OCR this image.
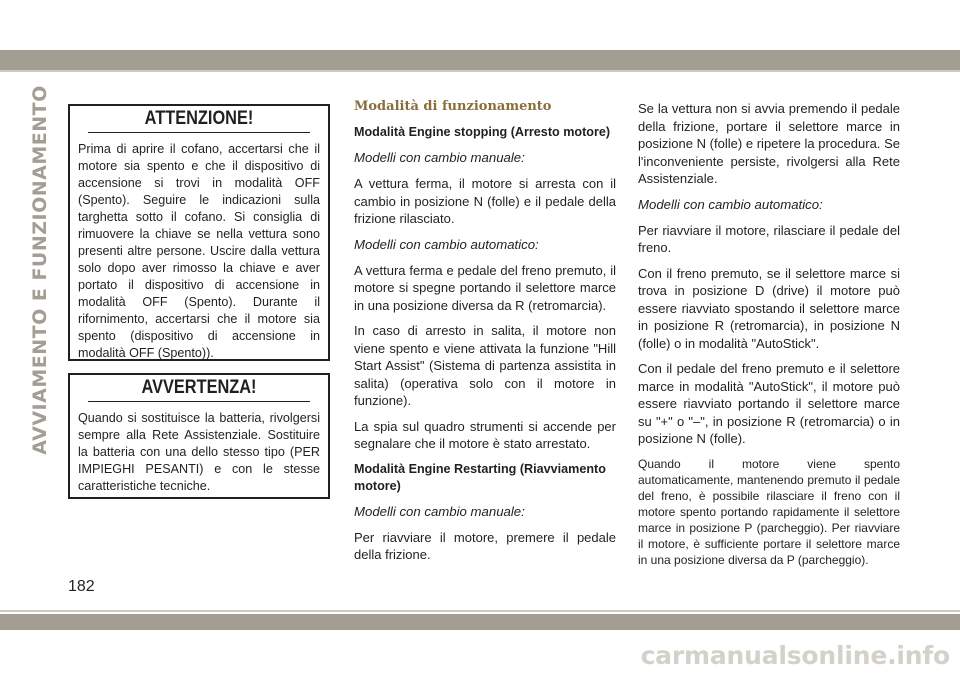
AVVIAMENTO E FUNZIONAMENTO	ATTENZIONE!
Prima di aprire il cofano, accertarsi che il motore sia spento e che il dispositivo di accensione si trovi in modalità OFF (Spento). Seguire le indicazioni sulla targhetta sotto il cofano. Si consiglia di rimuovere la chiave se nella vettura sono presenti altre persone. Uscire dalla vettura solo dopo aver rimosso la chiave e aver portato il dispositivo di accensione in modalità OFF (Spento). Durante il rifornimento, accertarsi che il motore sia spento (dispositivo di accensione in modalità OFF (Spento)).
AVVERTENZA!
Quando si sostituisce la batteria, rivolgersi sempre alla Rete Assistenziale. Sostituire la batteria con una dello stesso tipo (PER IMPIEGHI PESANTI) e con le stesse caratteristiche tecniche.
Modalità di funzionamento
Modalità Engine stopping (Arresto motore)
Modelli con cambio manuale:
A vettura ferma, il motore si arresta con il cambio in posizione N (folle) e il pedale della frizione rilasciato.
Modelli con cambio automatico:
A vettura ferma e pedale del freno premuto, il motore si spegne portando il selettore marce in una posizione diversa da R (retromarcia).
In caso di arresto in salita, il motore non viene spento e viene attivata la funzione "Hill Start Assist" (Sistema di partenza assistita in salita) (operativa solo con il motore in funzione).
La spia sul quadro strumenti si accende per segnalare che il motore è stato arrestato.
Modalità Engine Restarting (Riavviamento motore)
Modelli con cambio manuale:
Per riavviare il motore, premere il pedale della frizione.
Se la vettura non si avvia premendo il pedale della frizione, portare il selettore marce in posizione N (folle) e ripetere la procedura. Se l'inconveniente persiste, rivolgersi alla Rete Assistenziale.
Modelli con cambio automatico:
Per riavviare il motore, rilasciare il pedale del freno.
Con il freno premuto, se il selettore marce si trova in posizione D (drive) il motore può essere riavviato spostando il selettore marce in posizione R (retromarcia), in posizione N (folle) o in modalità "AutoStick".
Con il pedale del freno premuto e il selettore marce in modalità "AutoStick", il motore può essere riavviato portando il selettore marce su "+" o "–", in posizione R (retromarcia) o in posizione N (folle).
Quando il motore viene spento automaticamente, mantenendo premuto il pedale del freno, è possibile rilasciare il freno con il motore spento portando rapidamente il selettore marce in posizione P (parcheggio). Per riavviare il motore, è sufficiente portare il selettore marce in una posizione diversa da P (parcheggio).
182
carmanualsonline.info
